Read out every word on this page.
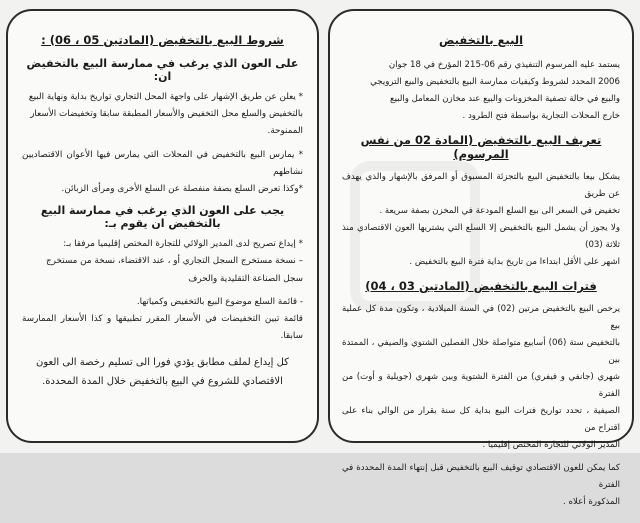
شروط البيع بالتخفيض (المادتين 05 ، 06) :
على العون الذي يرغب في ممارسة البيع بالتخفيض ان:

* يعلن عن طريق الإشهار على واجهة المحل التجاري تواريخ بداية ونهاية البيع
بالتخفيض والسلع محل التخفيض والأسعار المطبقة سابقا وتخفيضات الأسعار
الممنوحة.

* يمارس البيع بالتخفيض في المحلات التي يمارس فيها الأعوان الاقتصاديين نشاطهم
*وكذا تعرض السلع بصفة منفصلة عن السلع الأخرى ومرأى الزبائن.

يجب على العون الذي يرغب في ممارسة البيع بالتخفيض ان يقوم بـ:

* إيداع تصريح لدى المدير الولائي للتجارة المختص إقليميا مرفقا بـ:
– نسخة مستخرج السجل التجاري أو ، عند الاقتضاء، نسخة من مستخرج
سجل الصناعة التقليدية والحرف

- قائمة السلع موضوع البيع بالتخفيض وكمياتها.
قائمة تبين التخفيضات في الأسعار المقرر تطبيقها و كذا الأسعار الممارسة سابقا.

كل إيداع لملف مطابق يؤدي فورا الى تسليم رخصة الى العون
الاقتصادي للشروع في البيع بالتخفيض خلال المدة المحددة.

البيع بالتخفيض

يستمد عليه المرسوم التنفيذي رقم 06-215 المؤرخ في 18 جوان
2006 المحدد لشروط وكيفيات ممارسة البيع بالتخفيض والبيع الترويجي
والبيع في حالة تصفية المخزونات والبيع عند مخازن المعامل والبيع
خارج المحلات التجارية بواسطة فتح الطرود .

تعريف البيع بالتخفيض (المادة 02 من نفس المرسوم)

يشكل بيعا بالتخفيض البيع بالتجزئة المسبوق أو المرفق بالإشهار والذي يهدف عن طريق
تخفيض في السعر الى بيع السلع المودعة في المخزن بصفة سريعة .
ولا يجوز أن يشمل البيع بالتخفيض إلا السلع التي يشتريها العون الاقتصادي منذ ثلاثة (03)
اشهر على الأقل ابتداءا من تاريخ بداية فترة البيع بالتخفيض .

فترات البيع بالتخفيض (المادتين 03 ، 04)

يرخص البيع بالتخفيض مرتين (02) في السنة الميلادية ، وتكون مدة كل عملية بيع
بالتخفيض ستة (06) أسابيع متواصلة خلال الفصلين الشتوي والصيفي ، الممتدة بين
شهري (جانفي و فيفري) من الفترة الشتوية وبين شهري (جويلية و أوت) من الفترة
الصيفية ، تحدد تواريخ فترات البيع بداية كل سنة بقرار من الوالي بناء على اقتراح من
المدير الولائي للتجارة المختص إقليميا .

كما يمكن للعون الاقتصادي توقيف البيع بالتخفيض قبل إنتهاء المدة المحددة في الفترة
المذكورة أعلاه .
